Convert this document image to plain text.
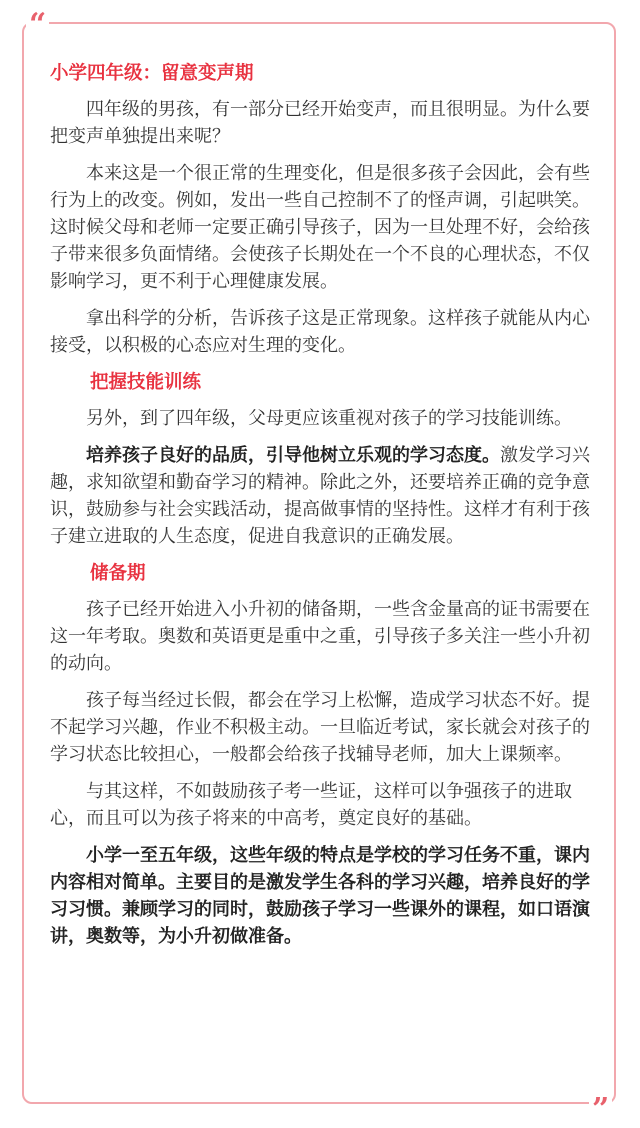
“
”
小学四年级：留意变声期

四年级的男孩，有一部分已经开始变声，而且很明显。为什么要把变声单独提出来呢？

本来这是一个很正常的生理变化，但是很多孩子会因此，会有些行为上的改变。例如，发出一些自己控制不了的怪声调，引起哄笑。这时候父母和老师一定要正确引导孩子，因为一旦处理不好，会给孩子带来很多负面情绪。会使孩子长期处在一个不良的心理状态，不仅影响学习，更不利于心理健康发展。

拿出科学的分析，告诉孩子这是正常现象。这样孩子就能从内心接受，以积极的心态应对生理的变化。

把握技能训练

另外，到了四年级，父母更应该重视对孩子的学习技能训练。

培养孩子良好的品质，引导他树立乐观的学习态度。激发学习兴趣，求知欲望和勤奋学习的精神。除此之外，还要培养正确的竞争意识，鼓励参与社会实践活动，提高做事情的坚持性。这样才有利于孩子建立进取的人生态度，促进自我意识的正确发展。

储备期

孩子已经开始进入小升初的储备期，一些含金量高的证书需要在这一年考取。奥数和英语更是重中之重，引导孩子多关注一些小升初的动向。

孩子每当经过长假，都会在学习上松懈，造成学习状态不好。提不起学习兴趣，作业不积极主动。一旦临近考试，家长就会对孩子的学习状态比较担心，一般都会给孩子找辅导老师，加大上课频率。

与其这样，不如鼓励孩子考一些证，这样可以争强孩子的进取心，而且可以为孩子将来的中高考，奠定良好的基础。

小学一至五年级，这些年级的特点是学校的学习任务不重，课内内容相对简单。主要目的是激发学生各科的学习兴趣，培养良好的学习习惯。兼顾学习的同时，鼓励孩子学习一些课外的课程，如口语演讲，奥数等，为小升初做准备。
